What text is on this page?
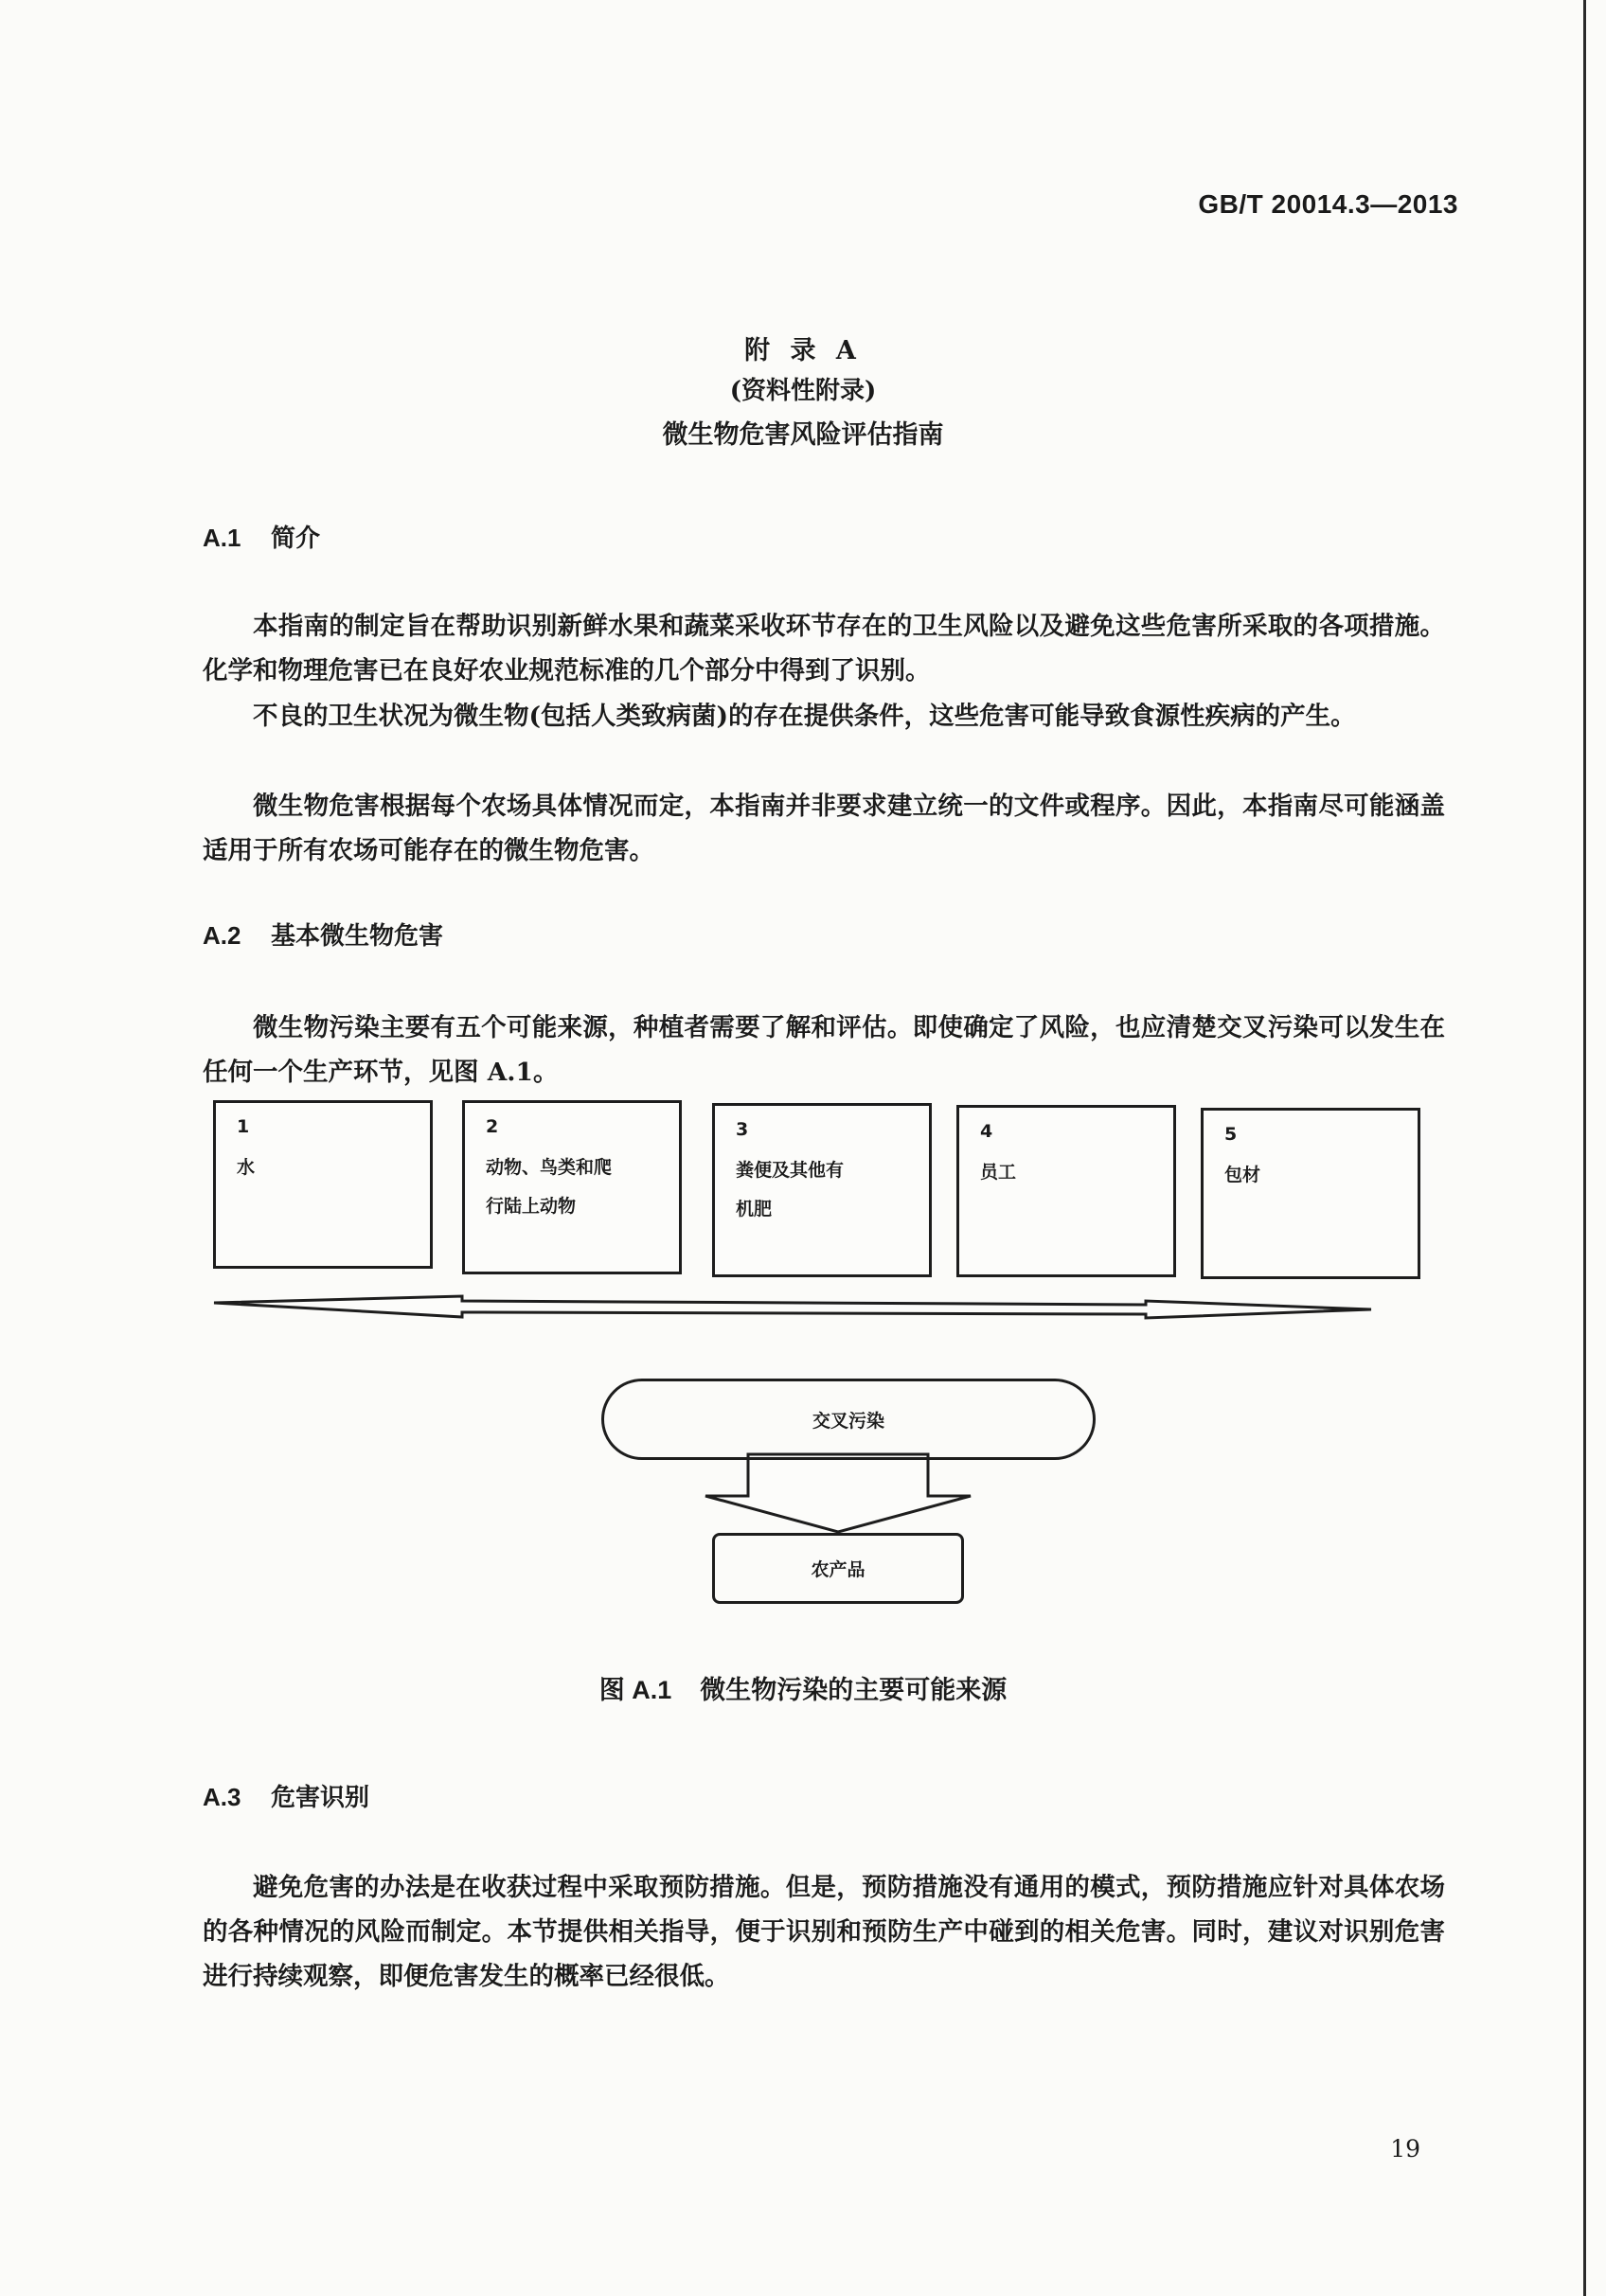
GB/T 20014.3—2013
附 录 A
(资料性附录)
微生物危害风险评估指南
A.1 简介
本指南的制定旨在帮助识别新鲜水果和蔬菜采收环节存在的卫生风险以及避免这些危害所采取的各项措施。化学和物理危害已在良好农业规范标准的几个部分中得到了识别。
不良的卫生状况为微生物(包括人类致病菌)的存在提供条件，这些危害可能导致食源性疾病的产生。
微生物危害根据每个农场具体情况而定，本指南并非要求建立统一的文件或程序。因此，本指南尽可能涵盖适用于所有农场可能存在的微生物危害。
A.2 基本微生物危害
微生物污染主要有五个可能来源，种植者需要了解和评估。即使确定了风险，也应清楚交叉污染可以发生在任何一个生产环节，见图 A.1。
1
水
2
动物、鸟类和爬
行陆上动物
3
粪便及其他有
机肥
4
员工
5
包材
交叉污染
农产品
图 A.1 微生物污染的主要可能来源
A.3 危害识别
避免危害的办法是在收获过程中采取预防措施。但是，预防措施没有通用的模式，预防措施应针对具体农场的各种情况的风险而制定。本节提供相关指导，便于识别和预防生产中碰到的相关危害。同时，建议对识别危害进行持续观察，即便危害发生的概率已经很低。
19
